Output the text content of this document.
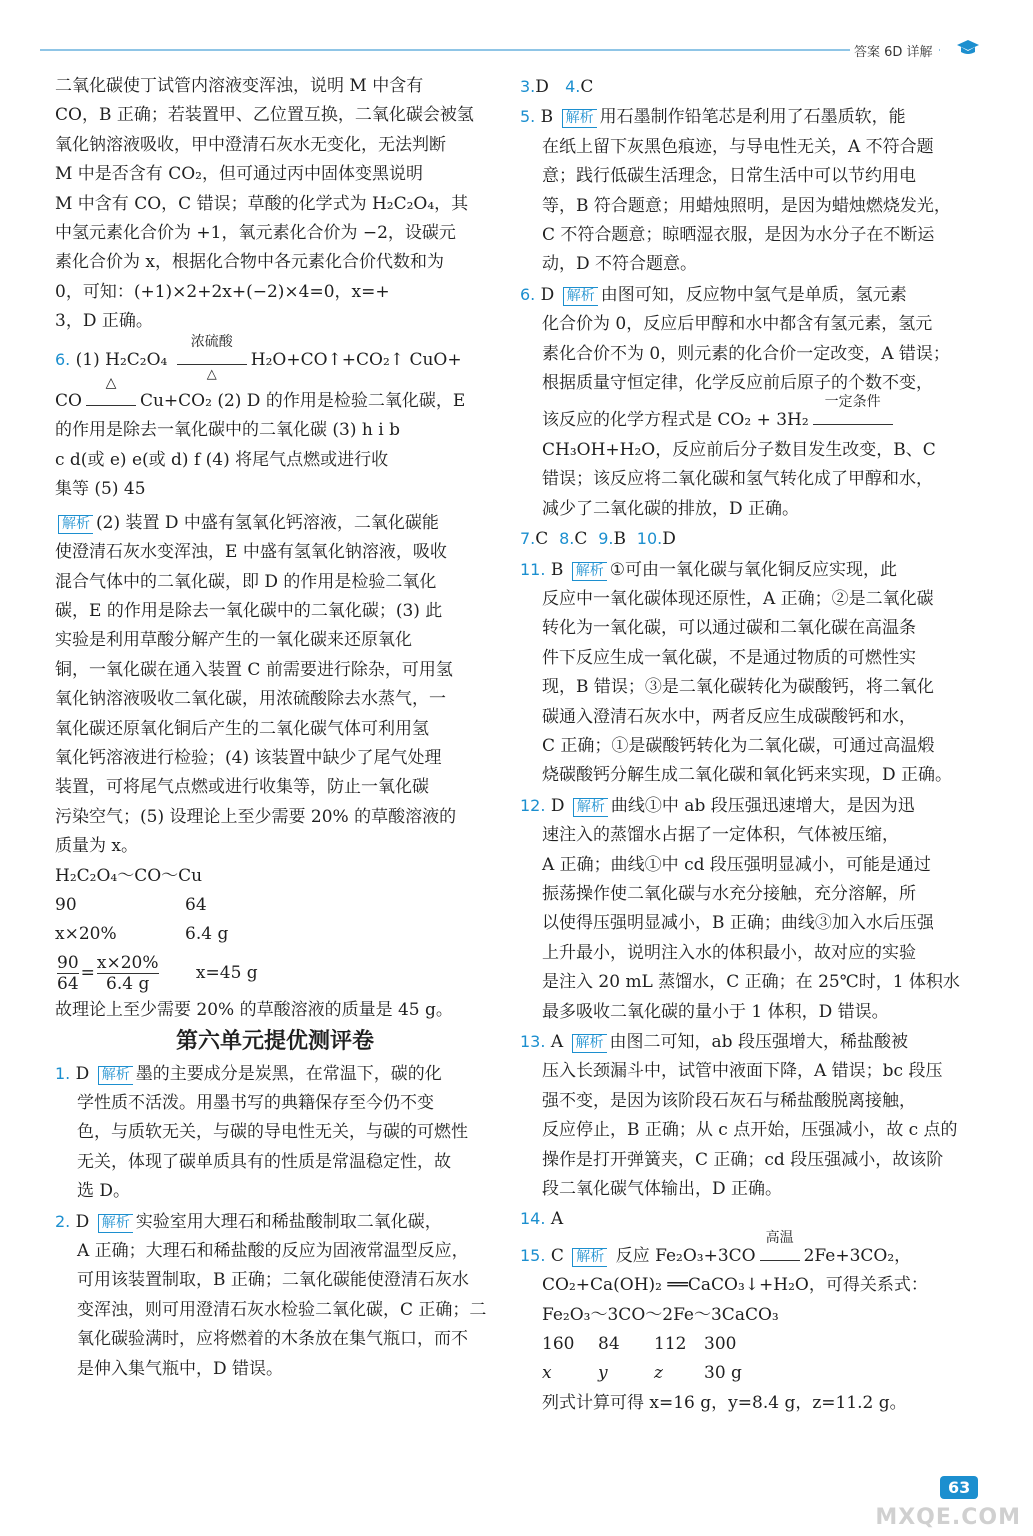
答案 6D 详解

二氧化碳使丁试管内溶液变浑浊，说明 M 中含有

CO，B 正确；若装置甲、乙位置互换，二氧化碳会被氢

氧化钠溶液吸收，甲中澄清石灰水无变化，无法判断

M 中是否含有 CO₂，但可通过丙中固体变黑说明

M 中含有 CO，C 错误；草酸的化学式为 H₂C₂O₄，其

中氢元素化合价为 +1，氧元素化合价为 −2，设碳元

素化合价为 x，根据化合物中各元素化合价代数和为

0，可知：(+1)×2+2x+(−2)×4=0，x=+

3，D 正确。

6. (1) H₂C₂O₄
浓硫酸
△
H₂O+CO↑+CO₂↑ CuO+

CO
△
Cu+CO₂ (2) D 的作用是检验二氧化碳，E

的作用是除去一氧化碳中的二氧化碳 (3) h i b

c d(或 e) e(或 d) f (4) 将尾气点燃或进行收

集等 (5) 45

解析 (2) 装置 D 中盛有氢氧化钙溶液，二氧化碳能

使澄清石灰水变浑浊，E 中盛有氢氧化钠溶液，吸收

混合气体中的二氧化碳，即 D 的作用是检验二氧化

碳，E 的作用是除去一氧化碳中的二氧化碳；(3) 此

实验是利用草酸分解产生的一氧化碳来还原氧化

铜，一氧化碳在通入装置 C 前需要进行除杂，可用氢

氧化钠溶液吸收二氧化碳，用浓硫酸除去水蒸气，一

氧化碳还原氧化铜后产生的二氧化碳气体可利用氢

氧化钙溶液进行检验；(4) 该装置中缺少了尾气处理

装置，可将尾气点燃或进行收集等，防止一氧化碳

污染空气；(5) 设理论上至少需要 20% 的草酸溶液的

质量为 x。

H₂C₂O₄～CO～Cu

90	64

x×20%	6.4 g

$\frac{90}{64} = \frac{x\times 20\%}{6.4 g} x=45$ g

故理论上至少需要 20% 的草酸溶液的质量是 45 g。

第六单元提优测评卷

1. D 解析 墨的主要成分是炭黑，在常温下，碳的化

学性质不活泼。用墨书写的典籍保存至今仍不变

色，与质软无关，与碳的导电性无关，与碳的可燃性

无关，体现了碳单质具有的性质是常温稳定性，故

选 D。

2. D 解析 实验室用大理石和稀盐酸制取二氧化碳，

A 正确；大理石和稀盐酸的反应为固液常温型反应，

可用该装置制取，B 正确；二氧化碳能使澄清石灰水

变浑浊，则可用澄清石灰水检验二氧化碳，C 正确；二

氧化碳验满时，应将燃着的木条放在集气瓶口，而不

是伸入集气瓶中，D 错误。

3.D 4.C

5. B 解析 用石墨制作铅笔芯是利用了石墨质软，能

在纸上留下灰黑色痕迹，与导电性无关，A 不符合题

意；践行低碳生活理念，日常生活中可以节约用电

等，B 符合题意；用蜡烛照明，是因为蜡烛燃烧发光，

C 不符合题意；晾晒湿衣服，是因为水分子在不断运

动，D 不符合题意。

6. D 解析 由图可知，反应物中氢气是单质，氢元素

化合价为 0，反应后甲醇和水中都含有氢元素，氢元

素化合价不为 0，则元素的化合价一定改变，A 错误；

根据质量守恒定律，化学反应前后原子的个数不变，

该反应的化学方程式是 CO₂ + 3H₂
一定条件

CH₃OH+H₂O，反应前后分子数目发生改变，B、C

错误；该反应将二氧化碳和氢气转化成了甲醇和水，

减少了二氧化碳的排放，D 正确。

7.C 8.C 9.B 10.D

11. B 解析 ①可由一氧化碳与氧化铜反应实现，此

反应中一氧化碳体现还原性，A 正确；②是二氧化碳

转化为一氧化碳，可以通过碳和二氧化碳在高温条

件下反应生成一氧化碳，不是通过物质的可燃性实

现，B 错误；③是二氧化碳转化为碳酸钙，将二氧化

碳通入澄清石灰水中，两者反应生成碳酸钙和水，

C 正确；①是碳酸钙转化为二氧化碳，可通过高温煅

烧碳酸钙分解生成二氧化碳和氧化钙来实现，D 正确。

12. D 解析 曲线①中 ab 段压强迅速增大，是因为迅

速注入的蒸馏水占据了一定体积，气体被压缩，

A 正确；曲线①中 cd 段压强明显减小，可能是通过

振荡操作使二氧化碳与水充分接触，充分溶解，所

以使得压强明显减小，B 正确；曲线③加入水后压强

上升最小，说明注入水的体积最小，故对应的实验

是注入 20 mL 蒸馏水，C 正确；在 25℃时，1 体积水

最多吸收二氧化碳的量小于 1 体积，D 错误。

13. A 解析 由图二可知，ab 段压强增大，稀盐酸被

压入长颈漏斗中，试管中液面下降，A 错误；bc 段压

强不变，是因为该阶段石灰石与稀盐酸脱离接触，

反应停止，B 正确；从 c 点开始，压强减小，故 c 点的

操作是打开弹簧夹，C 正确；cd 段压强减小，故该阶

段二氧化碳气体输出，D 正确。

14. A

15. C 解析 反应 Fe₂O₃+3CO
高温
2Fe+3CO₂，

CO₂+Ca(OH)₂ ══CaCO₃↓+H₂O，可得关系式：

Fe₂O₃～3CO～2Fe～3CaCO₃

160 84 112 300

x	y	z 30 g

列式计算可得 x=16 g，y=8.4 g，z=11.2 g。

MXQE.COM
63
